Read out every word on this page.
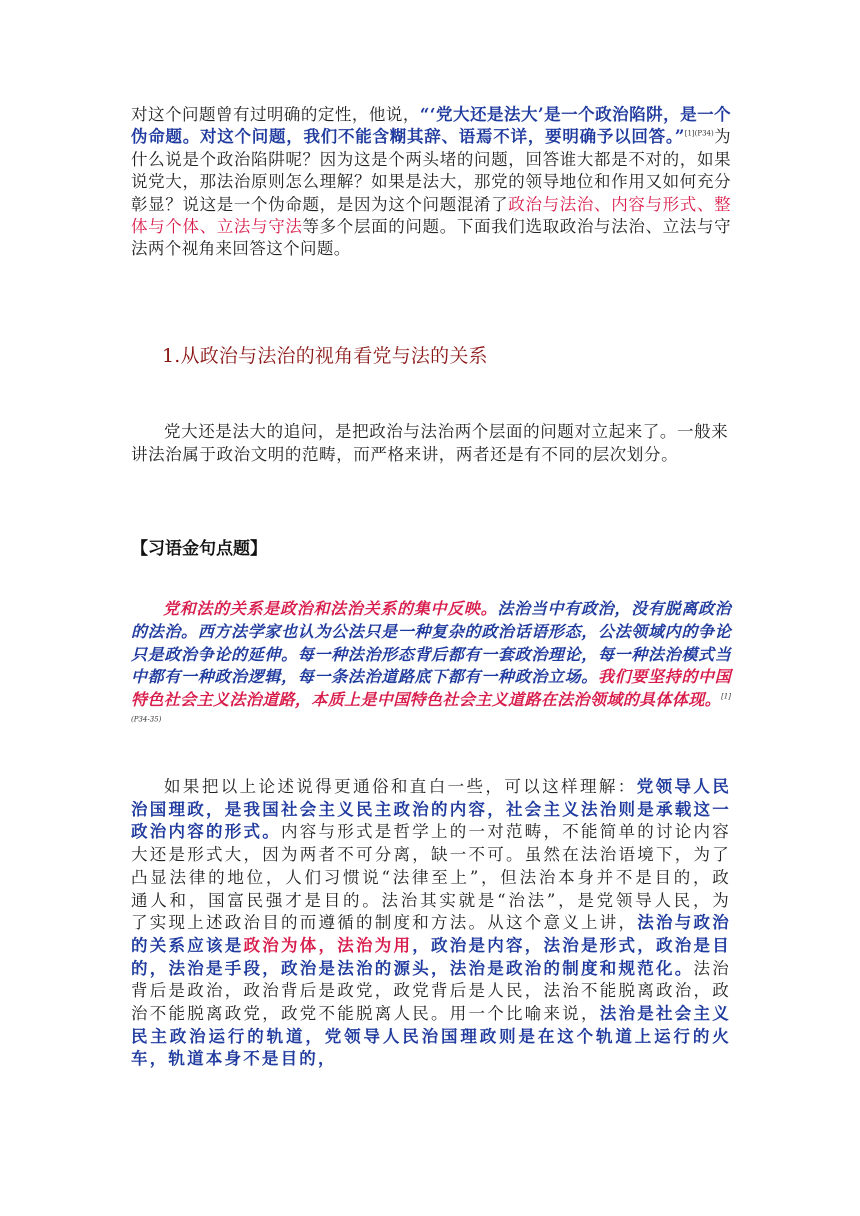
对这个问题曾有过明确的定性，他说，“‘党大还是法大’是一个政治陷阱，是一个伪命题。对这个问题，我们不能含糊其辞、语焉不详，要明确予以回答。”$^{[1](P34)}$为什么说是个政治陷阱呢？因为这是个两头堵的问题，回答谁大都是不对的，如果说党大，那法治原则怎么理解？如果是法大，那党的领导地位和作用又如何充分彰显？说这是一个伪命题，是因为这个问题混淆了政治与法治、内容与形式、整体与个体、立法与守法等多个层面的问题。下面我们选取政治与法治、立法与守法两个视角来回答这个问题。

1.从政治与法治的视角看党与法的关系

党大还是法大的追问，是把政治与法治两个层面的问题对立起来了。一般来讲法治属于政治文明的范畴，而严格来讲，两者还是有不同的层次划分。

【习语金句点题】

党和法的关系是政治和法治关系的集中反映。法治当中有政治，没有脱离政治的法治。西方法学家也认为公法只是一种复杂的政治话语形态，公法领域内的争论只是政治争论的延伸。每一种法治形态背后都有一套政治理论，每一种法治模式当中都有一种政治逻辑，每一条法治道路底下都有一种政治立场。我们要坚持的中国特色社会主义法治道路，本质上是中国特色社会主义道路在法治领域的具体体现。$^{[1](P34-35)}$

如果把以上论述说得更通俗和直白一些，可以这样理解：党领导人民治国理政，是我国社会主义民主政治的内容，社会主义法治则是承载这一政治内容的形式。内容与形式是哲学上的一对范畴，不能简单的讨论内容大还是形式大，因为两者不可分离，缺一不可。虽然在法治语境下，为了凸显法律的地位，人们习惯说“法律至上”，但法治本身并不是目的，政通人和，国富民强才是目的。法治其实就是“治法”，是党领导人民，为了实现上述政治目的而遵循的制度和方法。从这个意义上讲，法治与政治的关系应该是政治为体，法治为用，政治是内容，法治是形式，政治是目的，法治是手段，政治是法治的源头，法治是政治的制度和规范化。法治背后是政治，政治背后是政党，政党背后是人民，法治不能脱离政治，政治不能脱离政党，政党不能脱离人民。用一个比喻来说，法治是社会主义民主政治运行的轨道，党领导人民治国理政则是在这个轨道上运行的火车，轨道本身不是目的，
